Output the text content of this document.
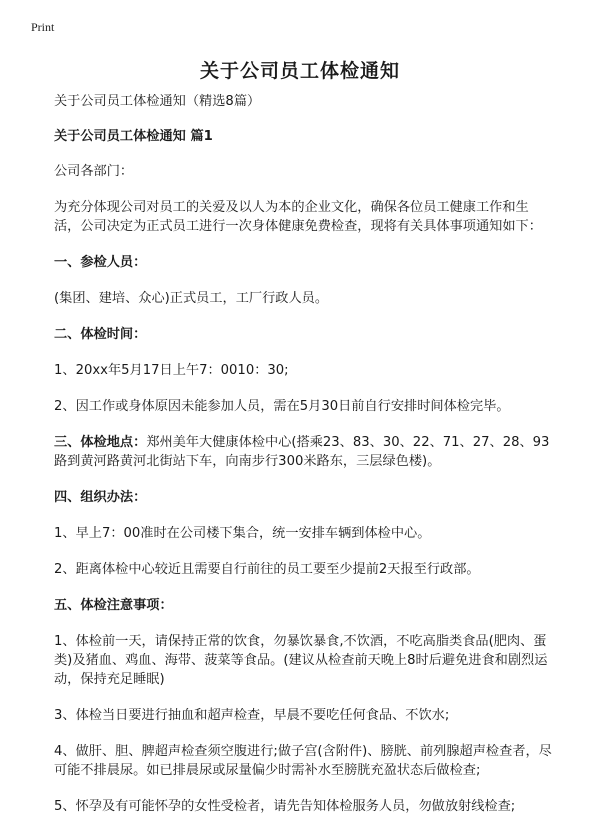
Print
关于公司员工体检通知

关于公司员工体检通知（精选8篇）

关于公司员工体检通知 篇1

公司各部门：

为充分体现公司对员工的关爱及以人为本的企业文化，确保各位员工健康工作和生活，公司决定为正式员工进行一次身体健康免费检查，现将有关具体事项通知如下：

一、参检人员：

(集团、建培、众心)正式员工，工厂行政人员。

二、体检时间：

1、20xx年5月17日上午7：0010：30;

2、因工作或身体原因未能参加人员，需在5月30日前自行安排时间体检完毕。

三、体检地点：郑州美年大健康体检中心(搭乘23、83、30、22、71、27、28、93路到黄河路黄河北街站下车，向南步行300米路东，三层绿色楼)。

四、组织办法：

1、早上7：00准时在公司楼下集合，统一安排车辆到体检中心。

2、距离体检中心较近且需要自行前往的员工要至少提前2天报至行政部。

五、体检注意事项：

1、体检前一天，请保持正常的饮食，勿暴饮暴食,不饮酒，不吃高脂类食品(肥肉、蛋类)及猪血、鸡血、海带、菠菜等食品。(建议从检查前天晚上8时后避免进食和剧烈运动，保持充足睡眠)

3、体检当日要进行抽血和超声检查，早晨不要吃任何食品、不饮水;

4、做肝、胆、脾超声检查须空腹进行;做子宫(含附件)、膀胱、前列腺超声检查者，尽可能不排晨尿。如已排晨尿或尿量偏少时需补水至膀胱充盈状态后做检查;

5、怀孕及有可能怀孕的女性受检者，请先告知体检服务人员，勿做放射线检查;
